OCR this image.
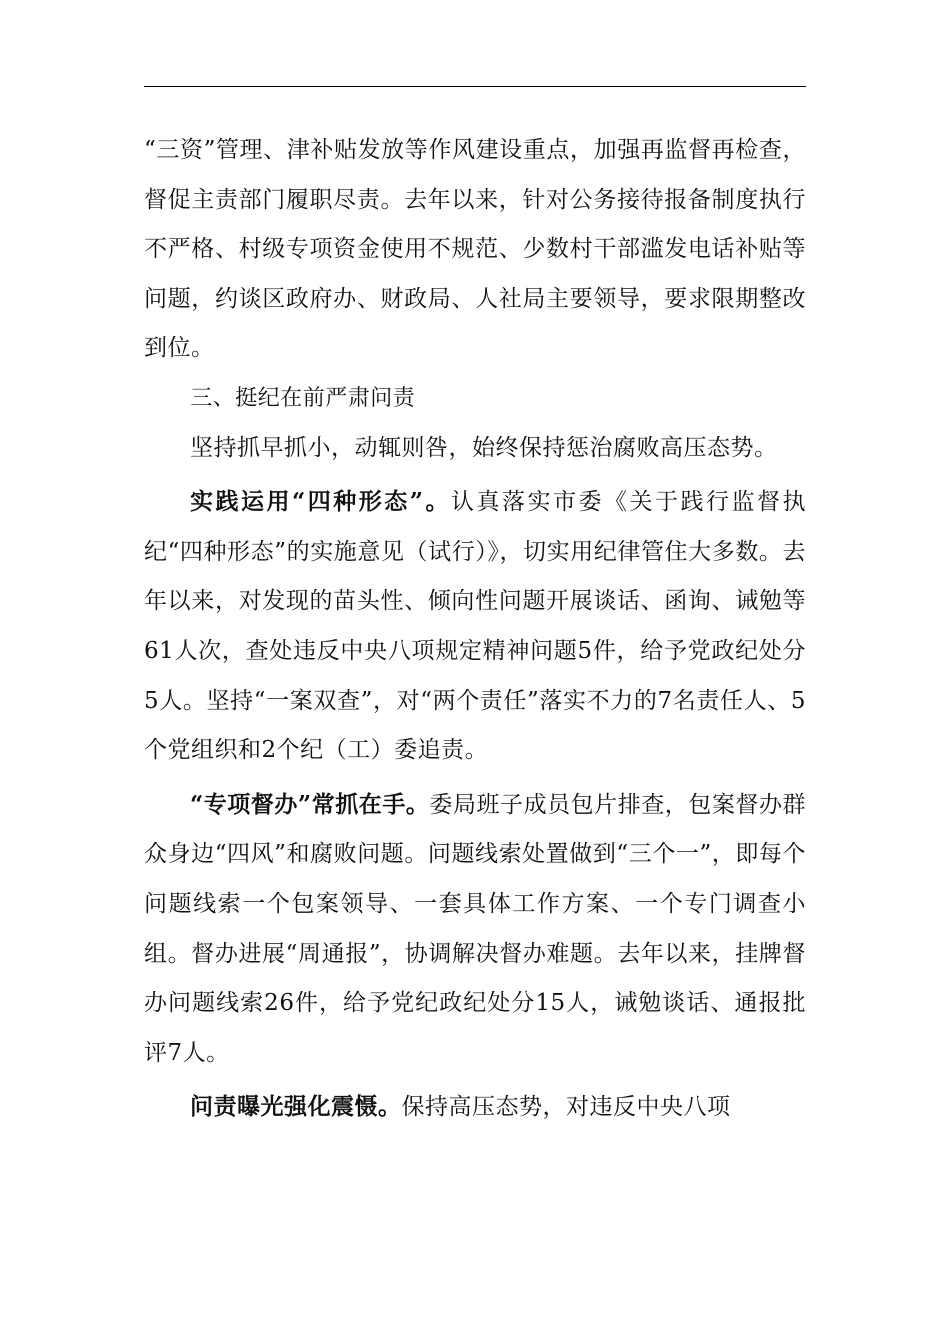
“三资”管理、津补贴发放等作风建设重点，加强再监督再检查，督促主责部门履职尽责。去年以来，针对公务接待报备制度执行不严格、村级专项资金使用不规范、少数村干部滥发电话补贴等问题，约谈区政府办、财政局、人社局主要领导，要求限期整改到位。

三、挺纪在前严肃问责

坚持抓早抓小，动辄则咎，始终保持惩治腐败高压态势。

实践运用“四种形态”。认真落实市委《关于践行监督执纪“四种形态”的实施意见（试行）》，切实用纪律管住大多数。去年以来，对发现的苗头性、倾向性问题开展谈话、函询、诫勉等61人次，查处违反中央八项规定精神问题5件，给予党政纪处分5人。坚持“一案双查”，对“两个责任”落实不力的7名责任人、5个党组织和2个纪（工）委追责。

“专项督办”常抓在手。委局班子成员包片排查，包案督办群众身边“四风”和腐败问题。问题线索处置做到“三个一”，即每个问题线索一个包案领导、一套具体工作方案、一个专门调查小组。督办进展“周通报”，协调解决督办难题。去年以来，挂牌督办问题线索26件，给予党纪政纪处分15人，诫勉谈话、通报批评7人。

问责曝光强化震慑。保持高压态势，对违反中央八项
